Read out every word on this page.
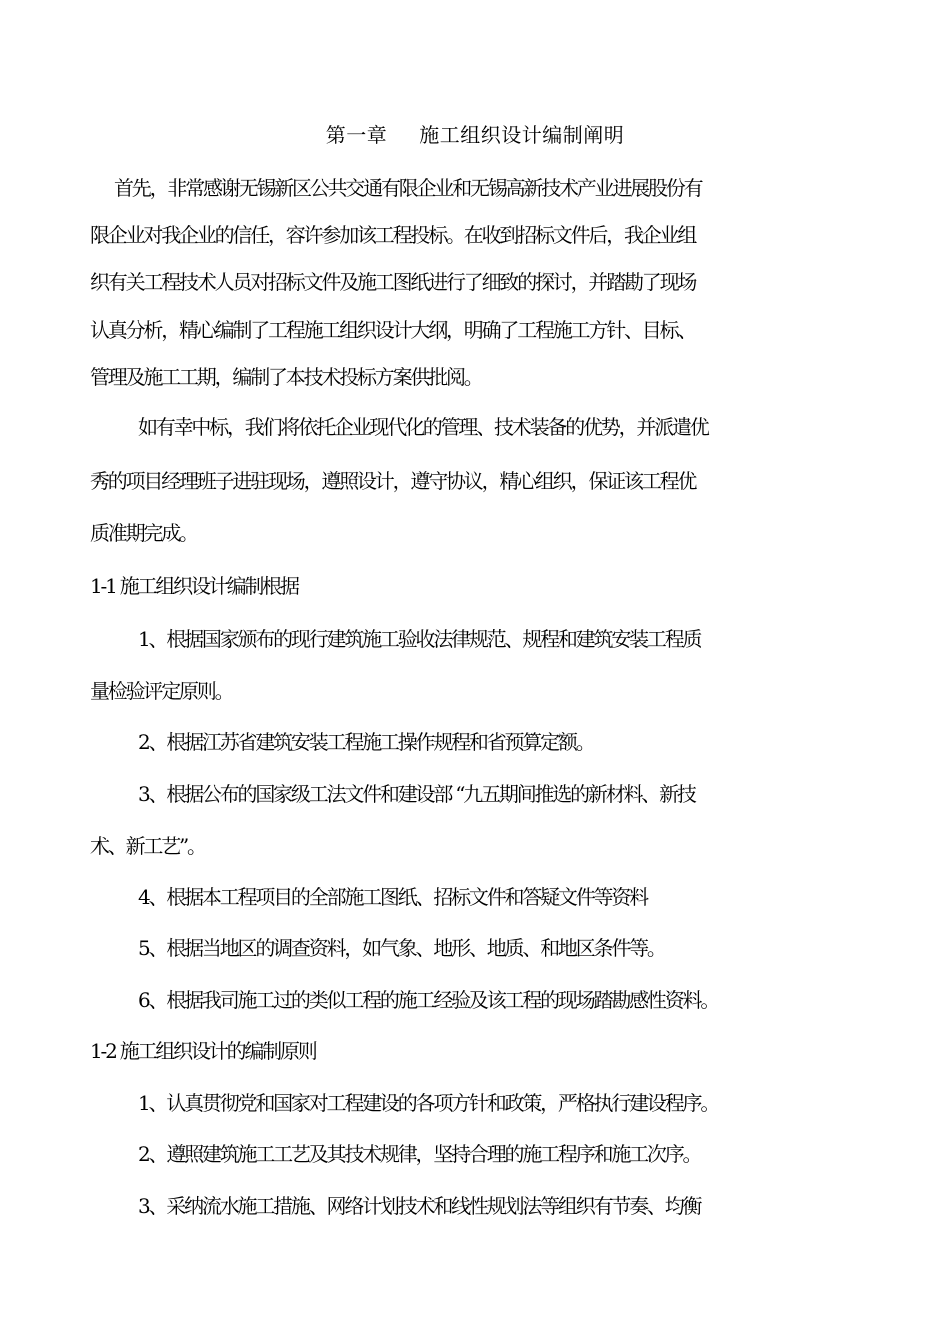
第一章 施工组织设计编制阐明
首先，非常感谢无锡新区公共交通有限企业和无锡高新技术产业进展股份有
限企业对我企业的信任，容许参加该工程投标。在收到招标文件后，我企业组
织有关工程技术人员对招标文件及施工图纸进行了细致的探讨，并踏勘了现场
认真分析，精心编制了工程施工组织设计大纲，明确了工程施工方针、目标、
管理及施工工期，编制了本技术投标方案供批阅。
如有幸中标，我们将依托企业现代化的管理、技术装备的优势，并派遣优
秀的项目经理班子进驻现场，遵照设计，遵守协议，精心组织，保证该工程优
质准期完成。
1-1 施工组织设计编制根据
1、根据国家颁布的现行建筑施工验收法律规范、规程和建筑安装工程质
量检验评定原则。
2、根据江苏省建筑安装工程施工操作规程和省预算定额。
3、根据公布的国家级工法文件和建设部 “九五期间推选的新材料、新技
术、新工艺”。
4、根据本工程项目的全部施工图纸、招标文件和答疑文件等资料
5、根据当地区的调查资料，如气象、地形、地质、和地区条件等。
6、根据我司施工过的类似工程的施工经验及该工程的现场踏勘感性资料。
1-2 施工组织设计的编制原则
1、认真贯彻党和国家对工程建设的各项方针和政策，严格执行建设程序。
2、遵照建筑施工工艺及其技术规律，坚持合理的施工程序和施工次序。
3、采纳流水施工措施、网络计划技术和线性规划法等组织有节奏、均衡
